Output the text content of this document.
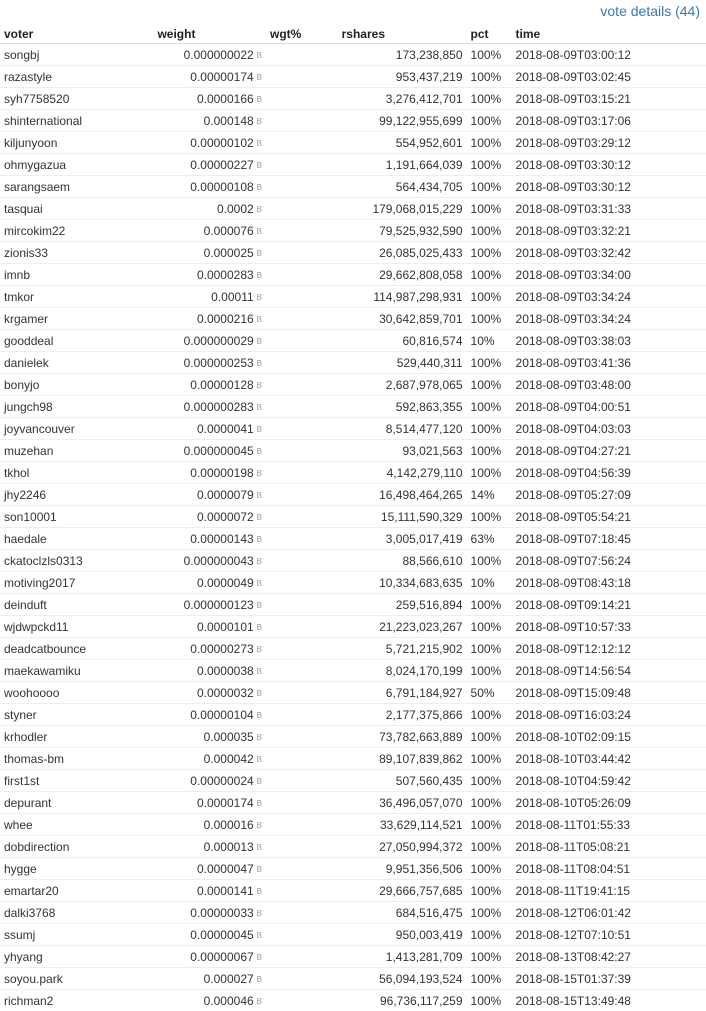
vote details (44)
voter	weight	wgt%	rshares	pct	time
songbj	0.000000022 B		173,238,850	100%	2018-08-09T03:00:12
razastyle	0.00000174 B		953,437,219	100%	2018-08-09T03:02:45
syh7758520	0.0000166 B		3,276,412,701	100%	2018-08-09T03:15:21
shinternational	0.000148 B		99,122,955,699	100%	2018-08-09T03:17:06
kiljunyoon	0.00000102 B		554,952,601	100%	2018-08-09T03:29:12
ohmygazua	0.00000227 B		1,191,664,039	100%	2018-08-09T03:30:12
sarangsaem	0.00000108 B		564,434,705	100%	2018-08-09T03:30:12
tasquai	0.0002 B		179,068,015,229	100%	2018-08-09T03:31:33
mircokim22	0.000076 B		79,525,932,590	100%	2018-08-09T03:32:21
zionis33	0.000025 B		26,085,025,433	100%	2018-08-09T03:32:42
imnb	0.0000283 B		29,662,808,058	100%	2018-08-09T03:34:00
tmkor	0.00011 B		114,987,298,931	100%	2018-08-09T03:34:24
krgamer	0.0000216 B		30,642,859,701	100%	2018-08-09T03:34:24
gooddeal	0.000000029 B		60,816,574	10%	2018-08-09T03:38:03
danielek	0.000000253 B		529,440,311	100%	2018-08-09T03:41:36
bonyjo	0.00000128 B		2,687,978,065	100%	2018-08-09T03:48:00
jungch98	0.000000283 B		592,863,355	100%	2018-08-09T04:00:51
joyvancouver	0.0000041 B		8,514,477,120	100%	2018-08-09T04:03:03
muzehan	0.000000045 B		93,021,563	100%	2018-08-09T04:27:21
tkhol	0.00000198 B		4,142,279,110	100%	2018-08-09T04:56:39
jhy2246	0.0000079 B		16,498,464,265	14%	2018-08-09T05:27:09
son10001	0.0000072 B		15,111,590,329	100%	2018-08-09T05:54:21
haedale	0.00000143 B		3,005,017,419	63%	2018-08-09T07:18:45
ckatoclzls0313	0.000000043 B		88,566,610	100%	2018-08-09T07:56:24
motiving2017	0.0000049 B		10,334,683,635	10%	2018-08-09T08:43:18
deinduft	0.000000123 B		259,516,894	100%	2018-08-09T09:14:21
wjdwpckd11	0.0000101 B		21,223,023,267	100%	2018-08-09T10:57:33
deadcatbounce	0.00000273 B		5,721,215,902	100%	2018-08-09T12:12:12
maekawamiku	0.0000038 B		8,024,170,199	100%	2018-08-09T14:56:54
woohoooo	0.0000032 B		6,791,184,927	50%	2018-08-09T15:09:48
styner	0.00000104 B		2,177,375,866	100%	2018-08-09T16:03:24
krhodler	0.000035 B		73,782,663,889	100%	2018-08-10T02:09:15
thomas-bm	0.000042 B		89,107,839,862	100%	2018-08-10T03:44:42
first1st	0.00000024 B		507,560,435	100%	2018-08-10T04:59:42
depurant	0.0000174 B		36,496,057,070	100%	2018-08-10T05:26:09
whee	0.000016 B		33,629,114,521	100%	2018-08-11T01:55:33
dobdirection	0.000013 B		27,050,994,372	100%	2018-08-11T05:08:21
hygge	0.0000047 B		9,951,356,506	100%	2018-08-11T08:04:51
emartar20	0.0000141 B		29,666,757,685	100%	2018-08-11T19:41:15
dalki3768	0.00000033 B		684,516,475	100%	2018-08-12T06:01:42
ssumj	0.00000045 B		950,003,419	100%	2018-08-12T07:10:51
yhyang	0.00000067 B		1,413,281,709	100%	2018-08-13T08:42:27
soyou.park	0.000027 B		56,094,193,524	100%	2018-08-15T01:37:39
richman2	0.000046 B		96,736,117,259	100%	2018-08-15T13:49:48
